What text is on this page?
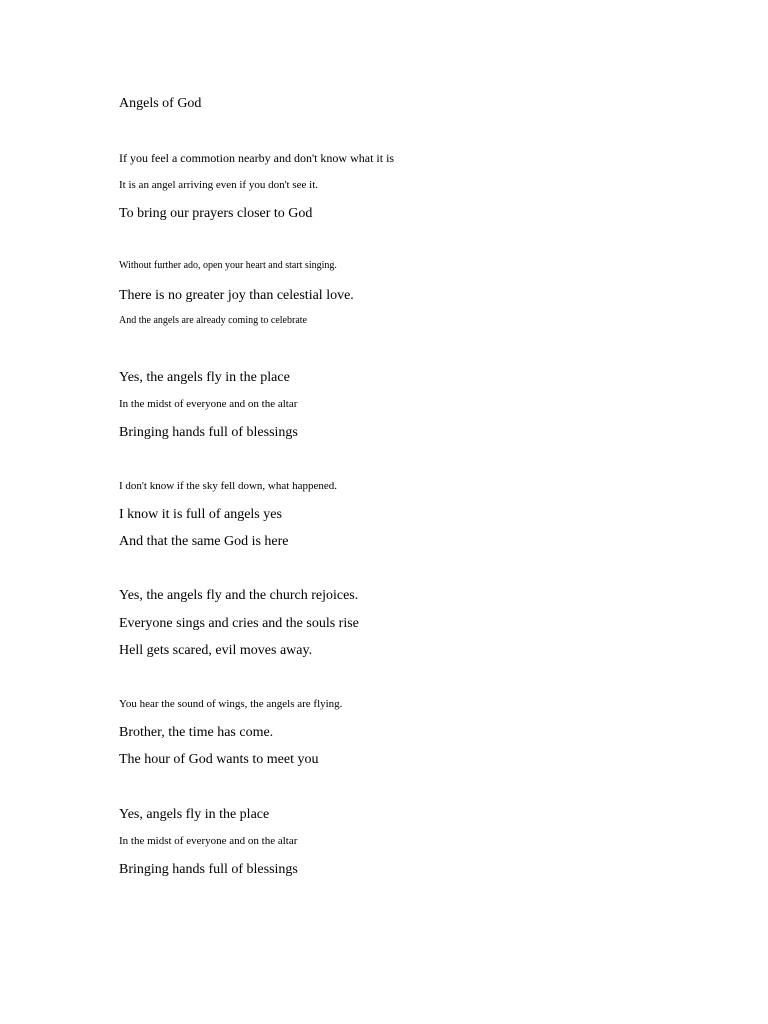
Angels of God

If you feel a commotion nearby and don't know what it is

It is an angel arriving even if you don't see it.

To bring our prayers closer to God

Without further ado, open your heart and start singing.

There is no greater joy than celestial love.

And the angels are already coming to celebrate

Yes, the angels fly in the place

In the midst of everyone and on the altar

Bringing hands full of blessings

I don't know if the sky fell down, what happened.

I know it is full of angels yes

And that the same God is here

Yes, the angels fly and the church rejoices.

Everyone sings and cries and the souls rise

Hell gets scared, evil moves away.

You hear the sound of wings, the angels are flying.

Brother, the time has come.

The hour of God wants to meet you

Yes, angels fly in the place

In the midst of everyone and on the altar

Bringing hands full of blessings
